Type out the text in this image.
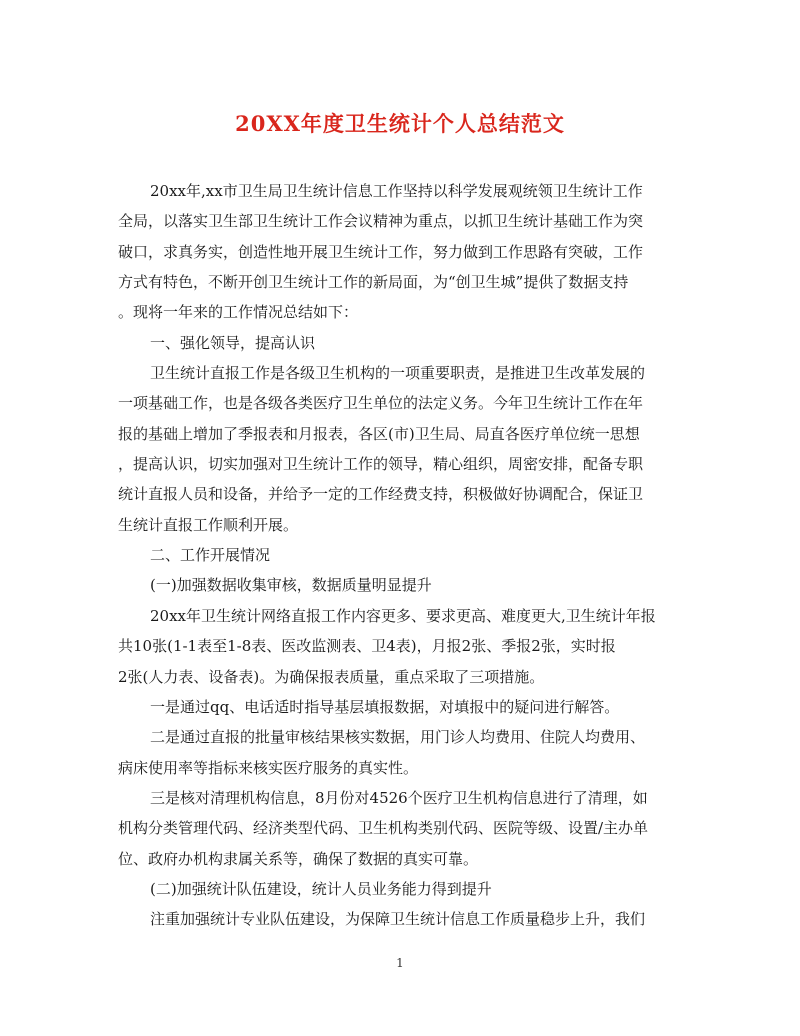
20XX年度卫生统计个人总结范文
20xx年,xx市卫生局卫生统计信息工作坚持以科学发展观统领卫生统计工作
全局，以落实卫生部卫生统计工作会议精神为重点，以抓卫生统计基础工作为突
破口，求真务实，创造性地开展卫生统计工作，努力做到工作思路有突破，工作
方式有特色，不断开创卫生统计工作的新局面，为“创卫生城”提供了数据支持
。现将一年来的工作情况总结如下：
一、强化领导，提高认识
卫生统计直报工作是各级卫生机构的一项重要职责，是推进卫生改革发展的
一项基础工作，也是各级各类医疗卫生单位的法定义务。今年卫生统计工作在年
报的基础上增加了季报表和月报表，各区(市)卫生局、局直各医疗单位统一思想
，提高认识，切实加强对卫生统计工作的领导，精心组织，周密安排，配备专职
统计直报人员和设备，并给予一定的工作经费支持，积极做好协调配合，保证卫
生统计直报工作顺利开展。
二、工作开展情况
(一)加强数据收集审核，数据质量明显提升
20xx年卫生统计网络直报工作内容更多、要求更高、难度更大,卫生统计年报
共10张(1-1表至1-8表、医改监测表、卫4表)，月报2张、季报2张，实时报
2张(人力表、设备表)。为确保报表质量，重点采取了三项措施。
一是通过qq、电话适时指导基层填报数据，对填报中的疑问进行解答。
二是通过直报的批量审核结果核实数据，用门诊人均费用、住院人均费用、
病床使用率等指标来核实医疗服务的真实性。
三是核对清理机构信息，8月份对4526个医疗卫生机构信息进行了清理，如
机构分类管理代码、经济类型代码、卫生机构类别代码、医院等级、设置/主办单
位、政府办机构隶属关系等，确保了数据的真实可靠。
(二)加强统计队伍建设，统计人员业务能力得到提升
注重加强统计专业队伍建设，为保障卫生统计信息工作质量稳步上升，我们
1
